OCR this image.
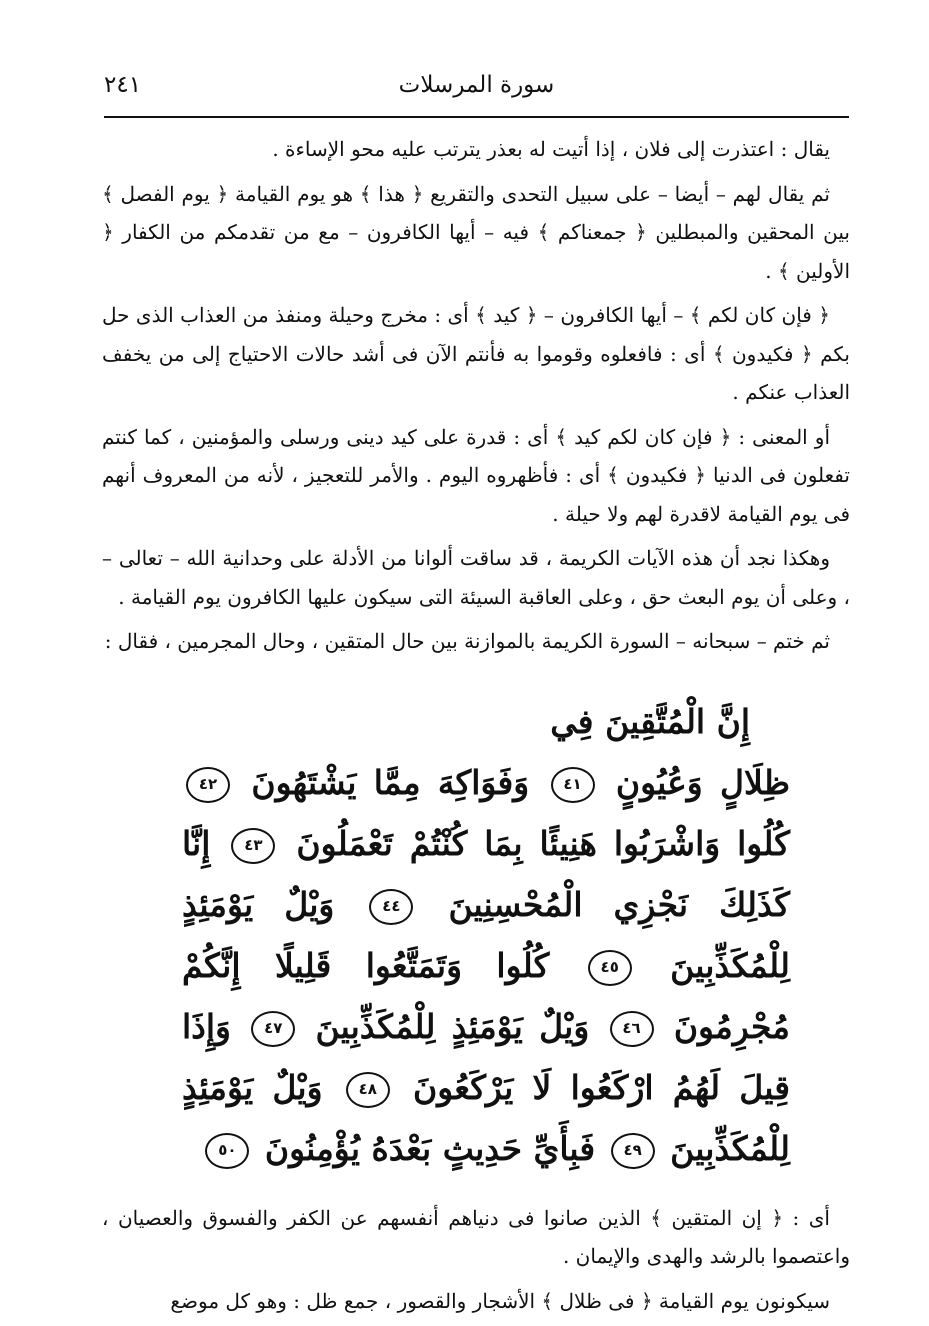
٢٤١	سورة المرسلات

يقال : اعتذرت إلى فلان ، إذا أتيت له بعذر يترتب عليه محو الإساءة .

ثم يقال لهم – أيضا – على سبيل التحدى والتقريع ﴿ هذا ﴾ هو يوم القيامة ﴿ يوم الفصل ﴾ بين المحقين والمبطلين ﴿ جمعناكم ﴾ فيه – أيها الكافرون – مع من تقدمكم من الكفار ﴿ الأولين ﴾ .

﴿ فإن كان لكم ﴾ – أيها الكافرون – ﴿ كيد ﴾ أى : مخرج وحيلة ومنفذ من العذاب الذى حل بكم ﴿ فكيدون ﴾ أى : فافعلوه وقوموا به فأنتم الآن فى أشد حالات الاحتياج إلى من يخفف العذاب عنكم .

أو المعنى : ﴿ فإن كان لكم كيد ﴾ أى : قدرة على كيد دينى ورسلى والمؤمنين ، كما كنتم تفعلون فى الدنيا ﴿ فكيدون ﴾ أى : فأظهروه اليوم . والأمر للتعجيز ، لأنه من المعروف أنهم فى يوم القيامة لاقدرة لهم ولا حيلة .

وهكذا نجد أن هذه الآيات الكريمة ، قد ساقت ألوانا من الأدلة على وحدانية الله – تعالى – ، وعلى أن يوم البعث حق ، وعلى العاقبة السيئة التى سيكون عليها الكافرون يوم القيامة .

ثم ختم – سبحانه – السورة الكريمة بالموازنة بين حال المتقين ، وحال المجرمين ، فقال :

إِنَّ الْمُتَّقِينَ فِي
ظِلَالٍ وَعُيُونٍ ٤١ وَفَوَاكِهَ مِمَّا يَشْتَهُونَ ٤٢ كُلُوا وَاشْرَبُوا هَنِيئًا بِمَا كُنْتُمْ تَعْمَلُونَ ٤٣ إِنَّا كَذَلِكَ نَجْزِي الْمُحْسِنِينَ ٤٤ وَيْلٌ يَوْمَئِذٍ لِلْمُكَذِّبِينَ ٤٥ كُلُوا وَتَمَتَّعُوا قَلِيلًا إِنَّكُمْ مُجْرِمُونَ ٤٦ وَيْلٌ يَوْمَئِذٍ لِلْمُكَذِّبِينَ ٤٧ وَإِذَا قِيلَ لَهُمُ ارْكَعُوا لَا يَرْكَعُونَ ٤٨ وَيْلٌ يَوْمَئِذٍ لِلْمُكَذِّبِينَ ٤٩ فَبِأَيِّ حَدِيثٍ بَعْدَهُ يُؤْمِنُونَ ٥٠

أى : ﴿ إن المتقين ﴾ الذين صانوا فى دنياهم أنفسهم عن الكفر والفسوق والعصيان ، واعتصموا بالرشد والهدى والإيمان .

سيكونون يوم القيامة ﴿ فى ظلال ﴾ الأشجار والقصور ، جمع ظل : وهو كل موضع
